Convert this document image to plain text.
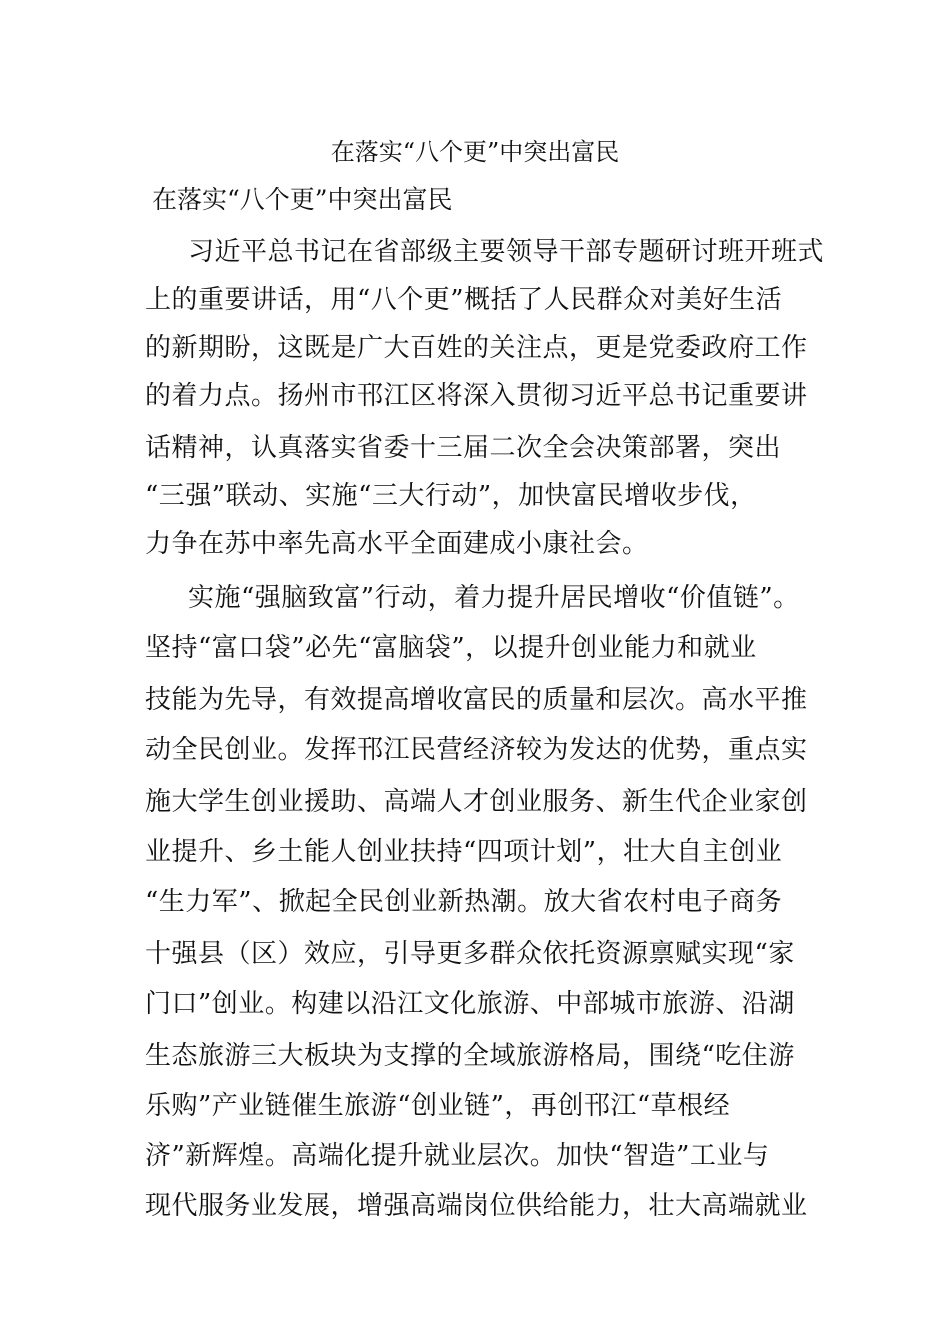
在落实“八个更”中突出富民
在落实“八个更”中突出富民
习近平总书记在省部级主要领导干部专题研讨班开班式
上的重要讲话，用“八个更”概括了人民群众对美好生活
的新期盼，这既是广大百姓的关注点，更是党委政府工作
的着力点。扬州市邗江区将深入贯彻习近平总书记重要讲
话精神，认真落实省委十三届二次全会决策部署，突出
“三强”联动、实施“三大行动”，加快富民增收步伐，
力争在苏中率先高水平全面建成小康社会。
实施“强脑致富”行动，着力提升居民增收“价值链”。
坚持“富口袋”必先“富脑袋”，以提升创业能力和就业
技能为先导，有效提高增收富民的质量和层次。高水平推
动全民创业。发挥邗江民营经济较为发达的优势，重点实
施大学生创业援助、高端人才创业服务、新生代企业家创
业提升、乡土能人创业扶持“四项计划”，壮大自主创业
“生力军”、掀起全民创业新热潮。放大省农村电子商务
十强县（区）效应，引导更多群众依托资源禀赋实现“家
门口”创业。构建以沿江文化旅游、中部城市旅游、沿湖
生态旅游三大板块为支撑的全域旅游格局，围绕“吃住游
乐购”产业链催生旅游“创业链”，再创邗江“草根经
济”新辉煌。高端化提升就业层次。加快“智造”工业与
现代服务业发展，增强高端岗位供给能力，壮大高端就业
